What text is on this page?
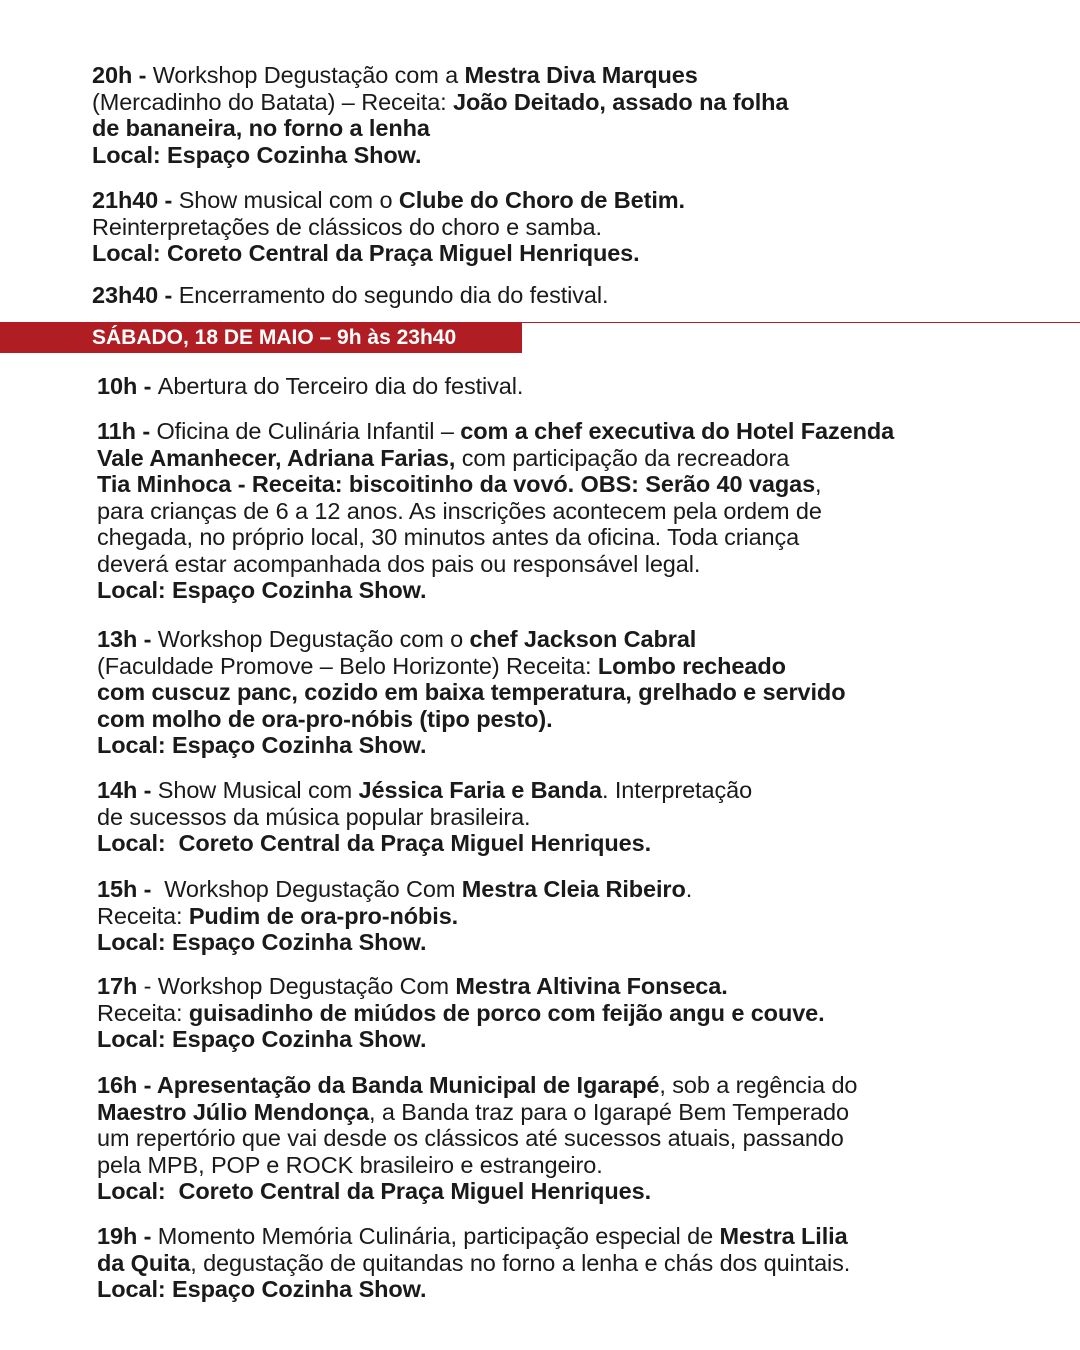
20h - Workshop Degustação com a Mestra Diva Marques
(Mercadinho do Batata) – Receita: João Deitado, assado na folha
de bananeira, no forno a lenha
Local: Espaço Cozinha Show.
21h40 - Show musical com o Clube do Choro de Betim.
Reinterpretações de clássicos do choro e samba.
Local: Coreto Central da Praça Miguel Henriques.
23h40 - Encerramento do segundo dia do festival.
SÁBADO, 18 DE MAIO – 9h às 23h40
10h - Abertura do Terceiro dia do festival.
11h - Oficina de Culinária Infantil – com a chef executiva do Hotel Fazenda
Vale Amanhecer, Adriana Farias, com participação da recreadora
Tia Minhoca - Receita: biscoitinho da vovó. OBS: Serão 40 vagas,
para crianças de 6 a 12 anos. As inscrições acontecem pela ordem de
chegada, no próprio local, 30 minutos antes da oficina. Toda criança
deverá estar acompanhada dos pais ou responsável legal.
Local: Espaço Cozinha Show.
13h - Workshop Degustação com o chef Jackson Cabral
(Faculdade Promove – Belo Horizonte) Receita: Lombo recheado
com cuscuz panc, cozido em baixa temperatura, grelhado e servido
com molho de ora-pro-nóbis (tipo pesto).
Local: Espaço Cozinha Show.
14h - Show Musical com Jéssica Faria e Banda. Interpretação
de sucessos da música popular brasileira.
Local:  Coreto Central da Praça Miguel Henriques.
15h -  Workshop Degustação Com Mestra Cleia Ribeiro.
Receita: Pudim de ora-pro-nóbis.
Local: Espaço Cozinha Show.
17h - Workshop Degustação Com Mestra Altivina Fonseca.
Receita: guisadinho de miúdos de porco com feijão angu e couve.
Local: Espaço Cozinha Show.
16h - Apresentação da Banda Municipal de Igarapé, sob a regência do
Maestro Júlio Mendonça, a Banda traz para o Igarapé Bem Temperado
um repertório que vai desde os clássicos até sucessos atuais, passando
pela MPB, POP e ROCK brasileiro e estrangeiro.
Local:  Coreto Central da Praça Miguel Henriques.
19h - Momento Memória Culinária, participação especial de Mestra Lilia
da Quita, degustação de quitandas no forno a lenha e chás dos quintais.
Local: Espaço Cozinha Show.
